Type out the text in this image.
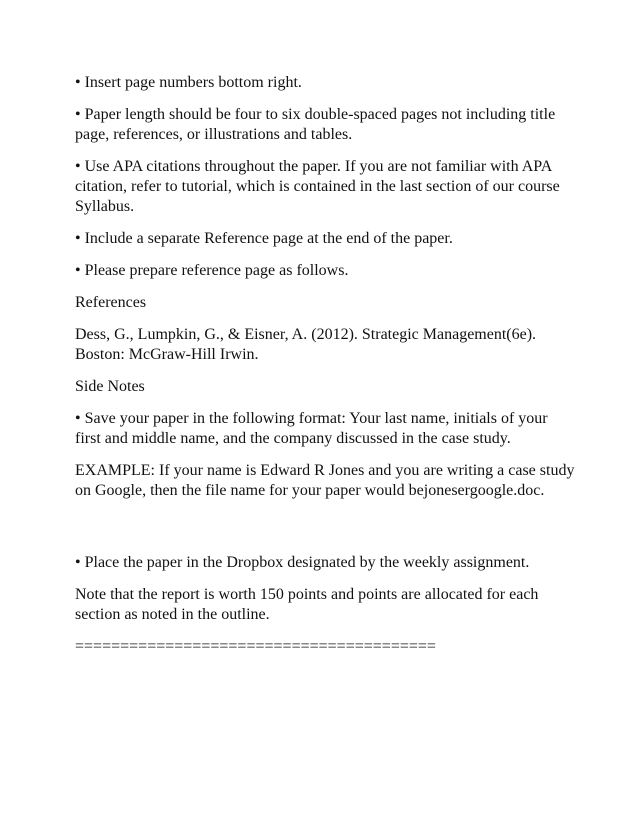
• Insert page numbers bottom right.

• Paper length should be four to six double-spaced pages not including title page, references, or illustrations and tables.

• Use APA citations throughout the paper. If you are not familiar with APA citation, refer to tutorial, which is contained in the last section of our course Syllabus.

• Include a separate Reference page at the end of the paper.

• Please prepare reference page as follows.

References

Dess, G., Lumpkin, G., & Eisner, A. (2012). Strategic Management(6e). Boston: McGraw-Hill Irwin.

Side Notes

• Save your paper in the following format: Your last name, initials of your first and middle name, and the company discussed in the case study.

EXAMPLE: If your name is Edward R Jones and you are writing a case study on Google, then the file name for your paper would bejonesergoogle.doc.

• Place the paper in the Dropbox designated by the weekly assignment.

Note that the report is worth 150 points and points are allocated for each section as noted in the outline.

========================================
